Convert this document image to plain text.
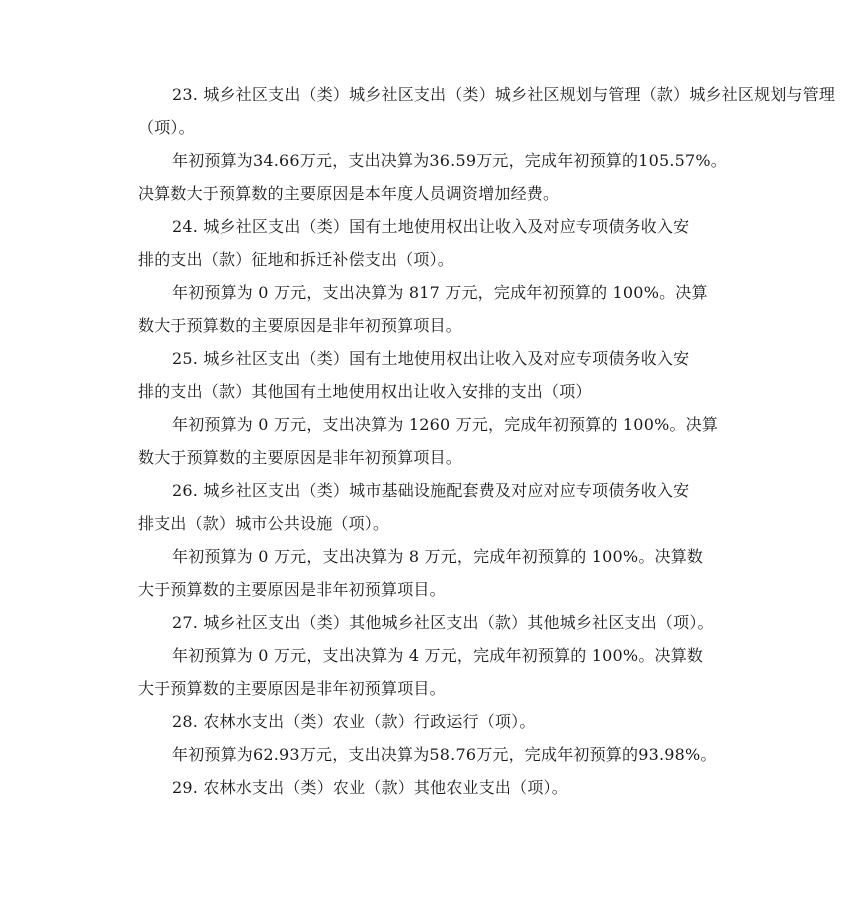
23. 城乡社区支出（类）城乡社区支出（类）城乡社区规划与管理（款）城乡社区规划与管理
（项）。
年初预算为34.66万元，支出决算为36.59万元，完成年初预算的105.57%。
决算数大于预算数的主要原因是本年度人员调资增加经费。
24. 城乡社区支出（类）国有土地使用权出让收入及对应专项债务收入安
排的支出（款）征地和拆迁补偿支出（项）。
年初预算为 0 万元，支出决算为 817 万元，完成年初预算的 100%。决算
数大于预算数的主要原因是非年初预算项目。
25. 城乡社区支出（类）国有土地使用权出让收入及对应专项债务收入安
排的支出（款）其他国有土地使用权出让收入安排的支出（项）
年初预算为 0 万元，支出决算为 1260 万元，完成年初预算的 100%。决算
数大于预算数的主要原因是非年初预算项目。
26. 城乡社区支出（类）城市基础设施配套费及对应对应专项债务收入安
排支出（款）城市公共设施（项）。
年初预算为 0 万元，支出决算为 8 万元，完成年初预算的 100%。决算数
大于预算数的主要原因是非年初预算项目。
27. 城乡社区支出（类）其他城乡社区支出（款）其他城乡社区支出（项）。
年初预算为 0 万元，支出决算为 4 万元，完成年初预算的 100%。决算数
大于预算数的主要原因是非年初预算项目。
28. 农林水支出（类）农业（款）行政运行（项）。
年初预算为62.93万元，支出决算为58.76万元，完成年初预算的93.98%。
29. 农林水支出（类）农业（款）其他农业支出（项）。
